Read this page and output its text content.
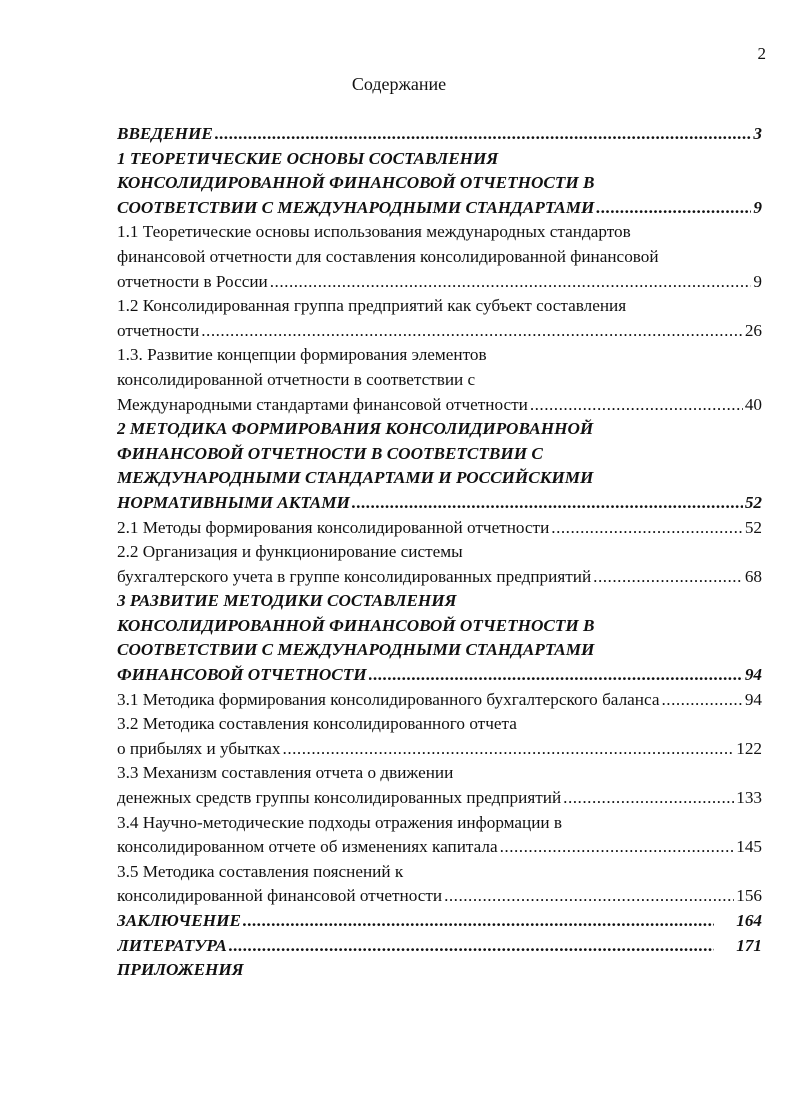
2
Содержание
ВВЕДЕНИЕ .....	3
1 ТЕОРЕТИЧЕСКИЕ ОСНОВЫ СОСТАВЛЕНИЯ
КОНСОЛИДИРОВАННОЙ ФИНАНСОВОЙ ОТЧЕТНОСТИ В
СООТВЕТСТВИИ С МЕЖДУНАРОДНЫМИ СТАНДАРТАМИ .....	9
1.1 Теоретические основы использования международных стандартов
финансовой отчетности для составления консолидированной финансовой
отчетности в России .....	9
1.2 Консолидированная группа предприятий как субъект составления
отчетности .....	26
1.3. Развитие концепции формирования элементов
консолидированной отчетности в соответствии с
Международными стандартами финансовой отчетности .....	40
2 МЕТОДИКА ФОРМИРОВАНИЯ КОНСОЛИДИРОВАННОЙ
ФИНАНСОВОЙ ОТЧЕТНОСТИ В СООТВЕТСТВИИ С
МЕЖДУНАРОДНЫМИ СТАНДАРТАМИ И РОССИЙСКИМИ
НОРМАТИВНЫМИ АКТАМИ .....	52
2.1 Методы формирования консолидированной отчетности .....	52
2.2 Организация и функционирование системы
бухгалтерского учета в группе консолидированных предприятий .....	68
3 РАЗВИТИЕ МЕТОДИКИ СОСТАВЛЕНИЯ
КОНСОЛИДИРОВАННОЙ ФИНАНСОВОЙ ОТЧЕТНОСТИ В
СООТВЕТСТВИИ С МЕЖДУНАРОДНЫМИ СТАНДАРТАМИ
ФИНАНСОВОЙ ОТЧЕТНОСТИ .....	94
3.1 Методика формирования консолидированного бухгалтерского баланса .....	94
3.2 Методика составления консолидированного отчета
о прибылях и убытках .....	122
3.3 Механизм составления отчета о движении
денежных средств группы консолидированных предприятий .....	133
3.4 Научно-методические подходы отражения информации в
консолидированном отчете об изменениях капитала .....	145
3.5 Методика составления пояснений к
консолидированной финансовой отчетности .....	156
ЗАКЛЮЧЕНИЕ .....	164
ЛИТЕРАТУРА .....	171
ПРИЛОЖЕНИЯ
